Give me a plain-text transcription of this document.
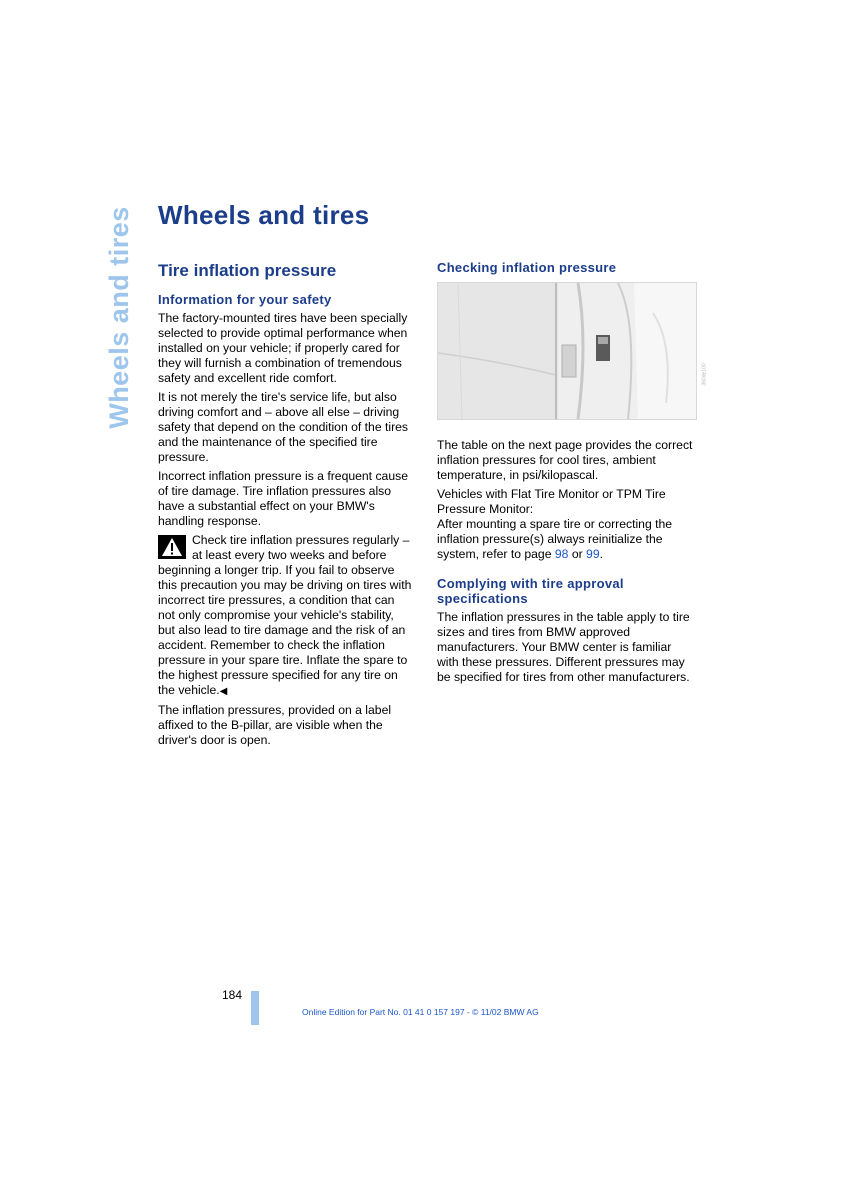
Wheels and tires Wheels and tires
Tire inflation pressure
Information for your safety

The factory-mounted tires have been specially selected to provide optimal performance when installed on your vehicle; if properly cared for they will furnish a combination of tremendous safety and excellent ride comfort.

It is not merely the tire's service life, but also driving comfort and – above all else – driving safety that depend on the condition of the tires and the maintenance of the specified tire pressure.

Incorrect inflation pressure is a frequent cause of tire damage. Tire inflation pressures also have a substantial effect on your BMW's handling response.

Check tire inflation pressures regularly – at least every two weeks and before beginning a longer trip. If you fail to observe this precaution you may be driving on tires with incorrect tire pressures, a condition that can not only compromise your vehicle's stability, but also lead to tire damage and the risk of an accident. Remember to check the inflation pressure in your spare tire. Inflate the spare to the highest pressure specified for any tire on the vehicle.◀

The inflation pressures, provided on a label affixed to the B-pillar, are visible when the driver's door is open.

Checking inflation pressure
360de100

The table on the next page provides the correct inflation pressures for cool tires, ambient temperature, in psi/kilopascal.

Vehicles with Flat Tire Monitor or TPM Tire Pressure Monitor:
After mounting a spare tire or correcting the inflation pressure(s) always reinitialize the system, refer to page 98 or 99.

Complying with tire approval specifications

The inflation pressures in the table apply to tire sizes and tires from BMW approved manufacturers. Your BMW center is familiar with these pressures. Different pressures may be specified for tires from other manufacturers.

184
Online Edition for Part No. 01 41 0 157 197 - © 11/02 BMW AG
